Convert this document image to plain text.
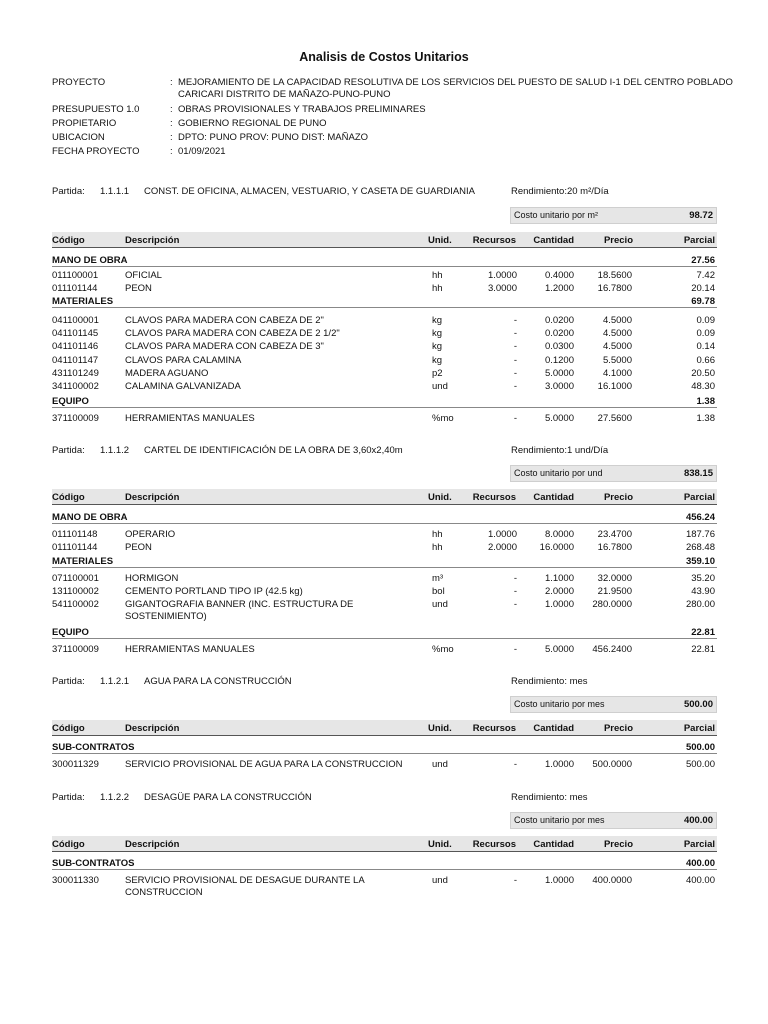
Analisis de Costos Unitarios
PROYECTO	: MEJORAMIENTO DE LA CAPACIDAD RESOLUTIVA DE LOS SERVICIOS DEL PUESTO DE SALUD I-1 DEL CENTRO POBLADO CARICARI DISTRITO DE MAÑAZO-PUNO-PUNO
PRESUPUESTO 1.0	: OBRAS PROVISIONALES Y TRABAJOS PRELIMINARES
PROPIETARIO	: GOBIERNO REGIONAL DE PUNO
UBICACION	: DPTO: PUNO PROV: PUNO DIST: MAÑAZO
FECHA PROYECTO	: 01/09/2021
Partida: 1.1.1.1 CONST. DE OFICINA, ALMACEN, VESTUARIO, Y CASETA DE GUARDIANIA	Rendimiento:20 m²/Día
Costo unitario por m²	98.72
Código	Descripción	Unid. Recursos Cantidad	Precio	Parcial
MANO DE OBRA	27.56
011100001	OFICIAL	hh	1.0000	0.4000 18.5600	7.42
011101144	PEON	hh	3.0000	1.2000 16.7800	20.14
MATERIALES	69.78
041100001	CLAVOS PARA MADERA CON CABEZA DE 2"	kg	-	0.0200	4.5000	0.09
041101145	CLAVOS PARA MADERA CON CABEZA DE 2 1/2"	kg	-	0.0200	4.5000	0.09
041101146	CLAVOS PARA MADERA CON CABEZA DE 3"	kg	-	0.0300	4.5000	0.14
041101147	CLAVOS PARA CALAMINA	kg	-	0.1200	5.5000	0.66
431101249	MADERA AGUANO	p2	-	5.0000	4.1000	20.50
341100002	CALAMINA GALVANIZADA	und	-	3.0000 16.1000	48.30
EQUIPO	1.38
371100009	HERRAMIENTAS MANUALES	%mo	-	5.0000 27.5600	1.38
Partida: 1.1.1.2 CARTEL DE IDENTIFICACIÓN DE LA OBRA DE 3,60x2,40m	Rendimiento:1 und/Día
Costo unitario por und	838.15
Código	Descripción	Unid. Recursos Cantidad	Precio	Parcial
MANO DE OBRA	456.24
011101148	OPERARIO	hh	1.0000	8.0000 23.4700	187.76
011101144	PEON	hh	2.0000 16.0000 16.7800	268.48
MATERIALES	359.10
071100001	HORMIGON	m³	-	1.1000 32.0000	35.20
131100002	CEMENTO PORTLAND TIPO IP (42.5 kg)	bol	-	2.0000 21.9500	43.90
541100002	GIGANTOGRAFIA BANNER (INC. ESTRUCTURA DE SOSTENIMIENTO)
und	-	1.0000 280.0000	280.00
EQUIPO	22.81
371100009	HERRAMIENTAS MANUALES	%mo	-	5.0000 456.2400	22.81
Partida: 1.1.2.1 AGUA PARA LA CONSTRUCCIÓN	Rendimiento: mes
Costo unitario por mes	500.00
Código	Descripción	Unid. Recursos Cantidad	Precio	Parcial
SUB-CONTRATOS	500.00
300011329	SERVICIO PROVISIONAL DE AGUA PARA LA CONSTRUCCION	und	-	1.0000 500.0000	500.00
Partida: 1.1.2.2 DESAGÜE PARA LA CONSTRUCCIÓN	Rendimiento: mes
Costo unitario por mes	400.00
Código	Descripción	Unid. Recursos Cantidad	Precio	Parcial
SUB-CONTRATOS	400.00
300011330	SERVICIO PROVISIONAL DE DESAGUE DURANTE LA CONSTRUCCION
und	-	1.0000 400.0000	400.00
